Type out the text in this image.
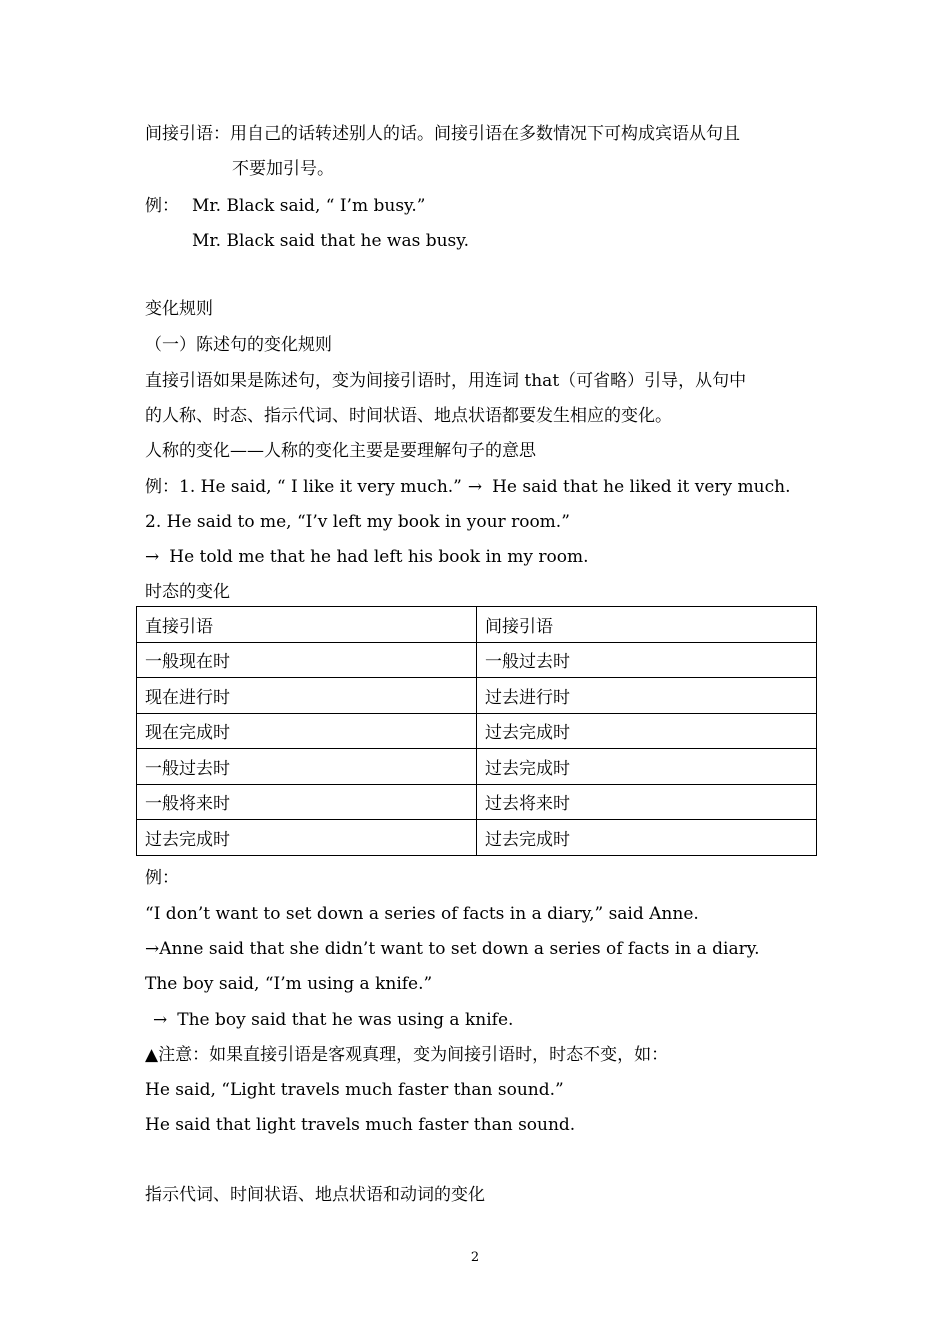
间接引语：用自己的话转述别人的话。间接引语在多数情况下可构成宾语从句且
不要加引号。
例： Mr. Black said, “ I’m busy.”
Mr. Black said that he was busy.
变化规则
（一）陈述句的变化规则
直接引语如果是陈述句，变为间接引语时，用连词 that（可省略）引导，从句中
的人称、时态、指示代词、时间状语、地点状语都要发生相应的变化。
人称的变化——人称的变化主要是要理解句子的意思
例：1. He said, “ I like it very much.” → He said that he liked it very much.
2. He said to me, “I’v left my book in your room.”
→ He told me that he had left his book in my room.
时态的变化
直接引语	间接引语
一般现在时	一般过去时
现在进行时	过去进行时
现在完成时	过去完成时
一般过去时	过去完成时
一般将来时	过去将来时
过去完成时	过去完成时
例：
“I don’t want to set down a series of facts in a diary,” said Anne.
→Anne said that she didn’t want to set down a series of facts in a diary.
The boy said, “I’m using a knife.”
→ The boy said that he was using a knife.
▲注意：如果直接引语是客观真理，变为间接引语时，时态不变，如：
He said, “Light travels much faster than sound.”
He said that light travels much faster than sound.
指示代词、时间状语、地点状语和动词的变化
2
